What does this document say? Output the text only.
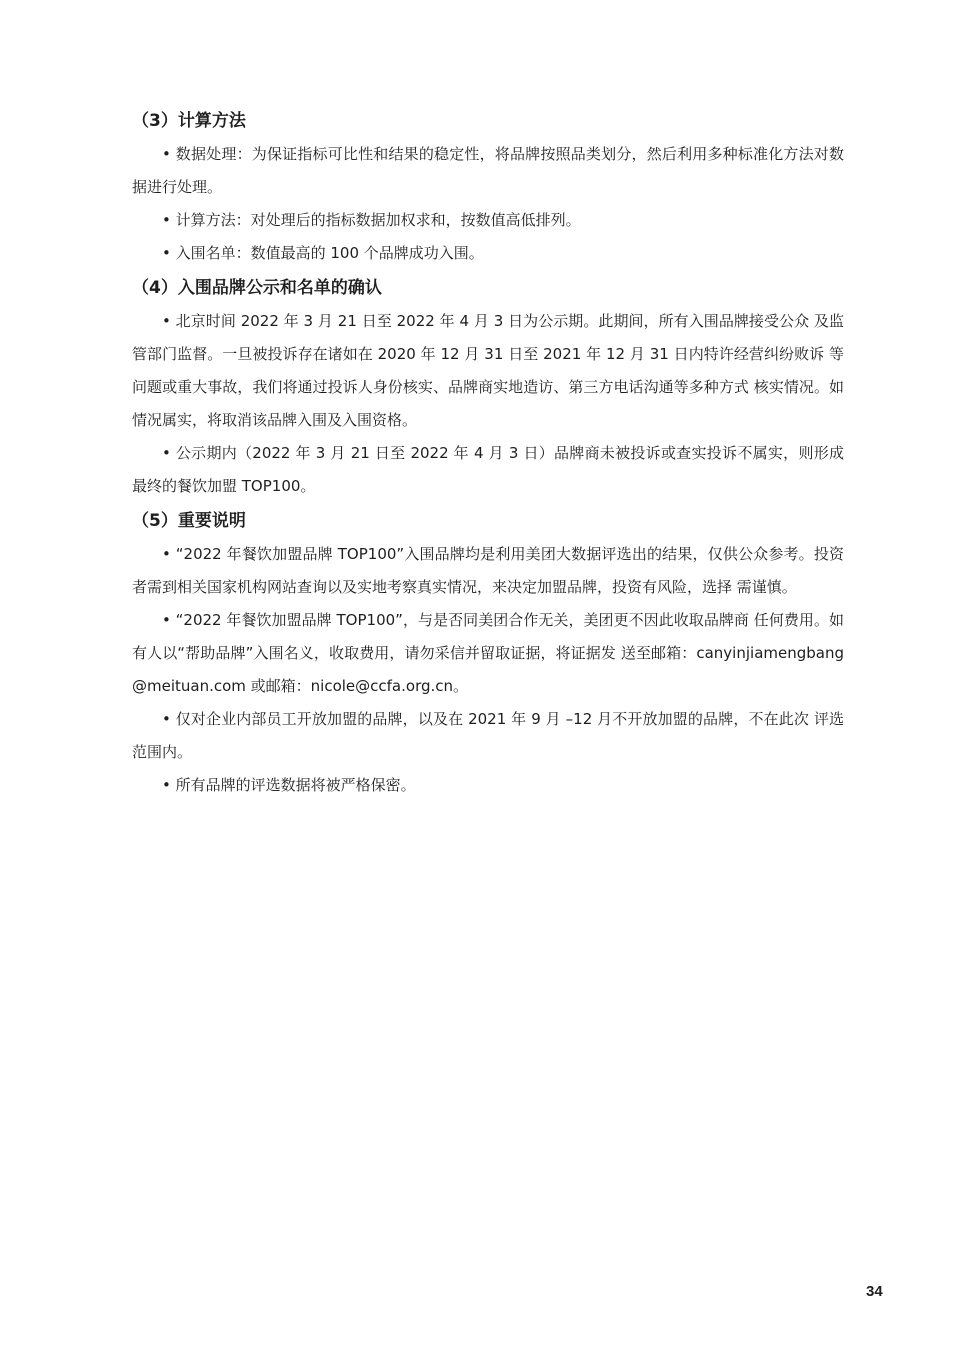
（3）计算方法

• 数据处理：为保证指标可比性和结果的稳定性，将品牌按照品类划分，然后利用多种标准化方法对数据进行处理。

• 计算方法：对处理后的指标数据加权求和，按数值高低排列。

• 入围名单：数值最高的 100 个品牌成功入围。

（4）入围品牌公示和名单的确认

• 北京时间 2022 年 3 月 21 日至 2022 年 4 月 3 日为公示期。此期间，所有入围品牌接受公众 及监管部门监督。一旦被投诉存在诸如在 2020 年 12 月 31 日至 2021 年 12 月 31 日内特许经营纠纷败诉 等问题或重大事故，我们将通过投诉人身份核实、品牌商实地造访、第三方电话沟通等多种方式 核实情况。如情况属实，将取消该品牌入围及入围资格。

• 公示期内（2022 年 3 月 21 日至 2022 年 4 月 3 日）品牌商未被投诉或查实投诉不属实，则形成最终的餐饮加盟 TOP100。

（5）重要说明

• “2022 年餐饮加盟品牌 TOP100”入围品牌均是利用美团大数据评选出的结果，仅供公众参考。投资者需到相关国家机构网站查询以及实地考察真实情况，来决定加盟品牌，投资有风险，选择 需谨慎。

• “2022 年餐饮加盟品牌 TOP100”，与是否同美团合作无关，美团更不因此收取品牌商 任何费用。如有人以“帮助品牌”入围名义，收取费用，请勿采信并留取证据，将证据发 送至邮箱：canyinjiamengbang@meituan.com 或邮箱：nicole@ccfa.org.cn。

• 仅对企业内部员工开放加盟的品牌，以及在 2021 年 9 月 –12 月不开放加盟的品牌，不在此次 评选范围内。

• 所有品牌的评选数据将被严格保密。

34
